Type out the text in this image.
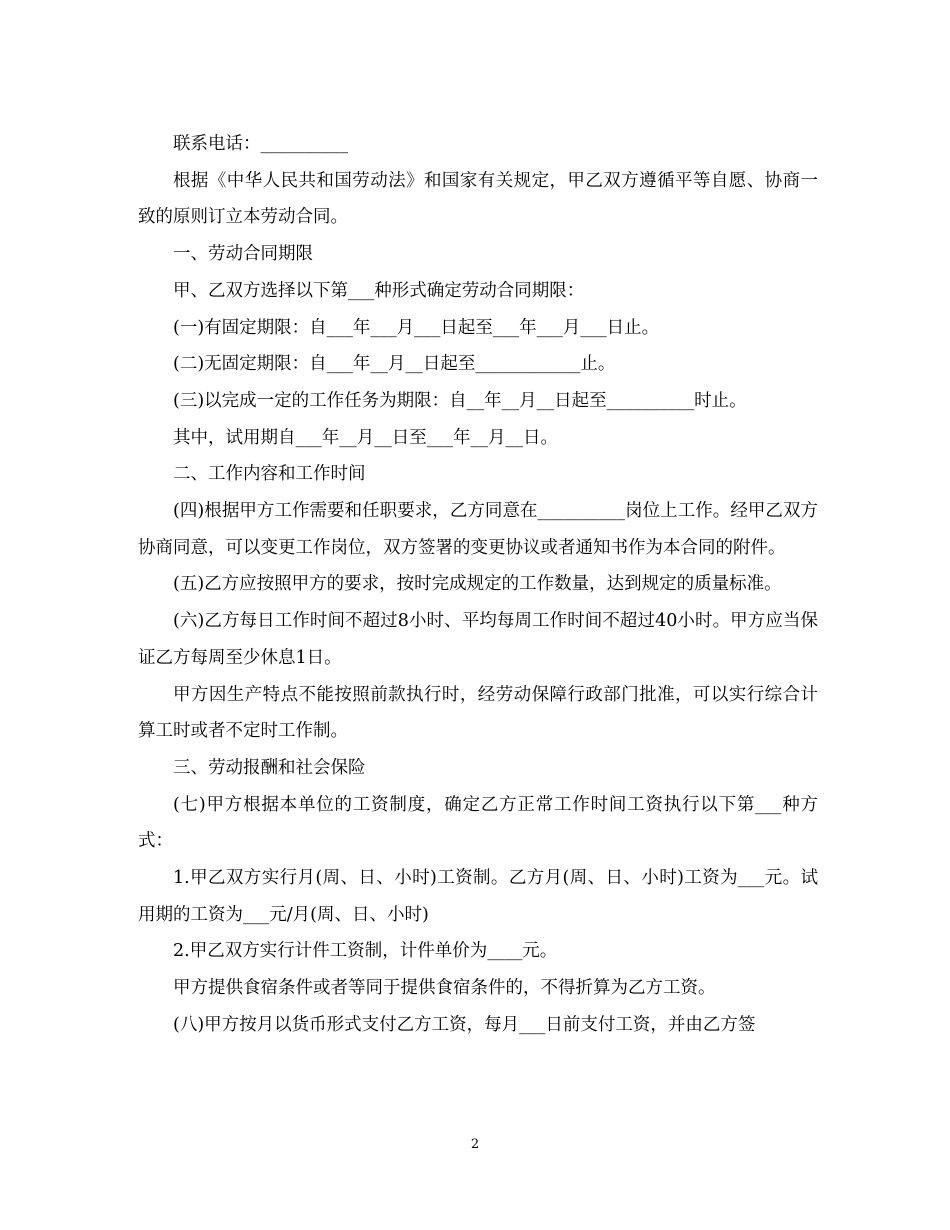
联系电话：__________

根据《中华人民共和国劳动法》和国家有关规定，甲乙双方遵循平等自愿、协商一致的原则订立本劳动合同。

一、劳动合同期限

甲、乙双方选择以下第___种形式确定劳动合同期限：

(一)有固定期限：自___年___月___日起至___年___月___日止。

(二)无固定期限：自___年__月__日起至____________止。

(三)以完成一定的工作任务为期限：自__年__月__日起至__________时止。

其中，试用期自___年__月__日至___年__月__日。

二、工作内容和工作时间

(四)根据甲方工作需要和任职要求，乙方同意在__________岗位上工作。经甲乙双方协商同意，可以变更工作岗位，双方签署的变更协议或者通知书作为本合同的附件。

(五)乙方应按照甲方的要求，按时完成规定的工作数量，达到规定的质量标准。

(六)乙方每日工作时间不超过8小时、平均每周工作时间不超过40小时。甲方应当保证乙方每周至少休息1日。

甲方因生产特点不能按照前款执行时，经劳动保障行政部门批准，可以实行综合计算工时或者不定时工作制。

三、劳动报酬和社会保险

(七)甲方根据本单位的工资制度，确定乙方正常工作时间工资执行以下第___种方式：

1.甲乙双方实行月(周、日、小时)工资制。乙方月(周、日、小时)工资为___元。试用期的工资为___元/月(周、日、小时)

2.甲乙双方实行计件工资制，计件单价为____元。

甲方提供食宿条件或者等同于提供食宿条件的，不得折算为乙方工资。

(八)甲方按月以货币形式支付乙方工资，每月___日前支付工资，并由乙方签

2
